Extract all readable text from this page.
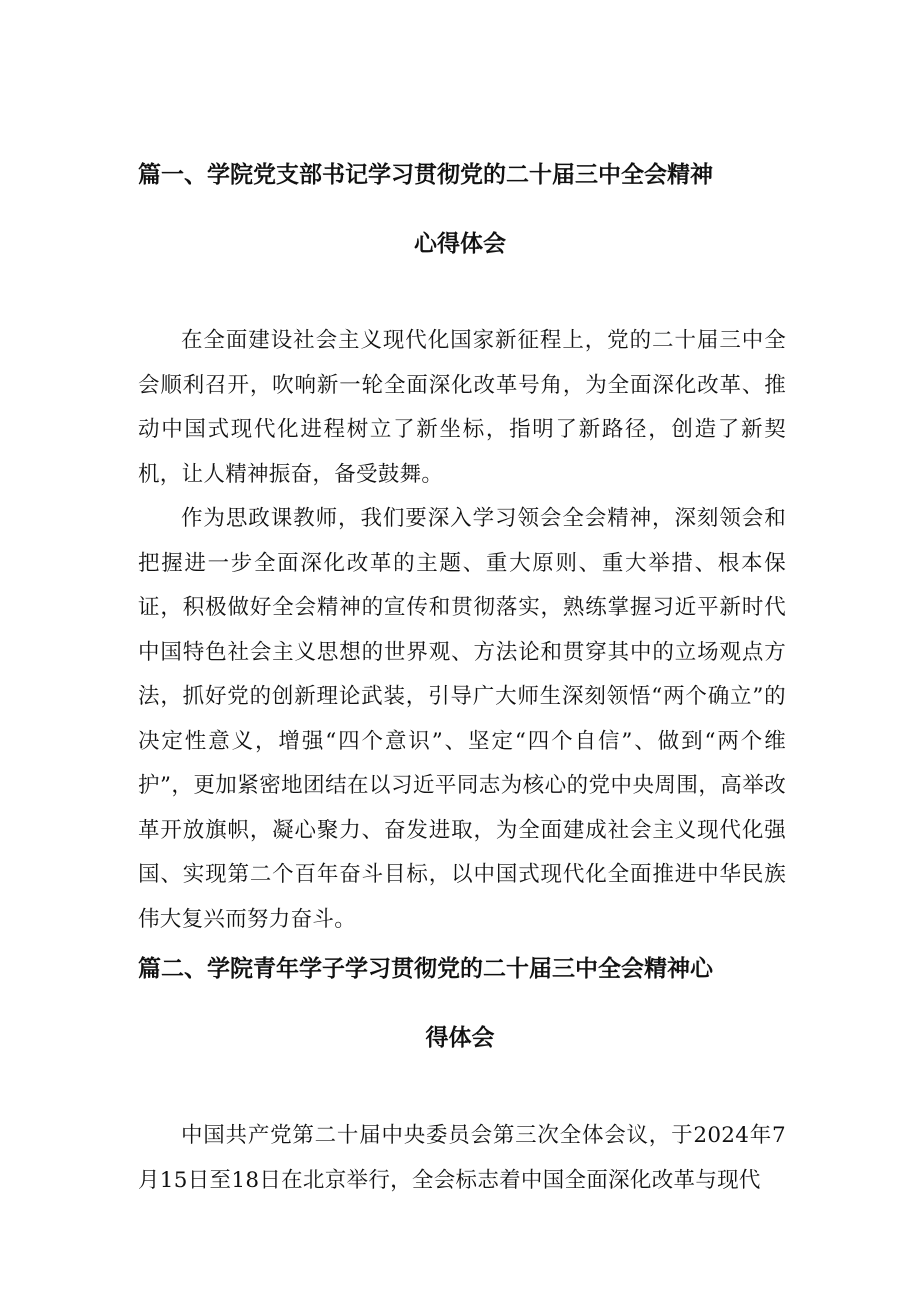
篇一、学院党支部书记学习贯彻党的二十届三中全会精神
心得体会

在全面建设社会主义现代化国家新征程上，党的二十届三中全会顺利召开，吹响新一轮全面深化改革号角，为全面深化改革、推动中国式现代化进程树立了新坐标，指明了新路径，创造了新契机，让人精神振奋，备受鼓舞。

作为思政课教师，我们要深入学习领会全会精神，深刻领会和把握进一步全面深化改革的主题、重大原则、重大举措、根本保证，积极做好全会精神的宣传和贯彻落实，熟练掌握习近平新时代中国特色社会主义思想的世界观、方法论和贯穿其中的立场观点方法，抓好党的创新理论武装，引导广大师生深刻领悟“两个确立”的决定性意义，增强“四个意识”、坚定“四个自信”、做到“两个维护”，更加紧密地团结在以习近平同志为核心的党中央周围，高举改革开放旗帜，凝心聚力、奋发进取，为全面建成社会主义现代化强国、实现第二个百年奋斗目标，以中国式现代化全面推进中华民族伟大复兴而努力奋斗。

篇二、学院青年学子学习贯彻党的二十届三中全会精神心
得体会

中国共产党第二十届中央委员会第三次全体会议，于2024年7月15日至18日在北京举行，全会标志着中国全面深化改革与现代
